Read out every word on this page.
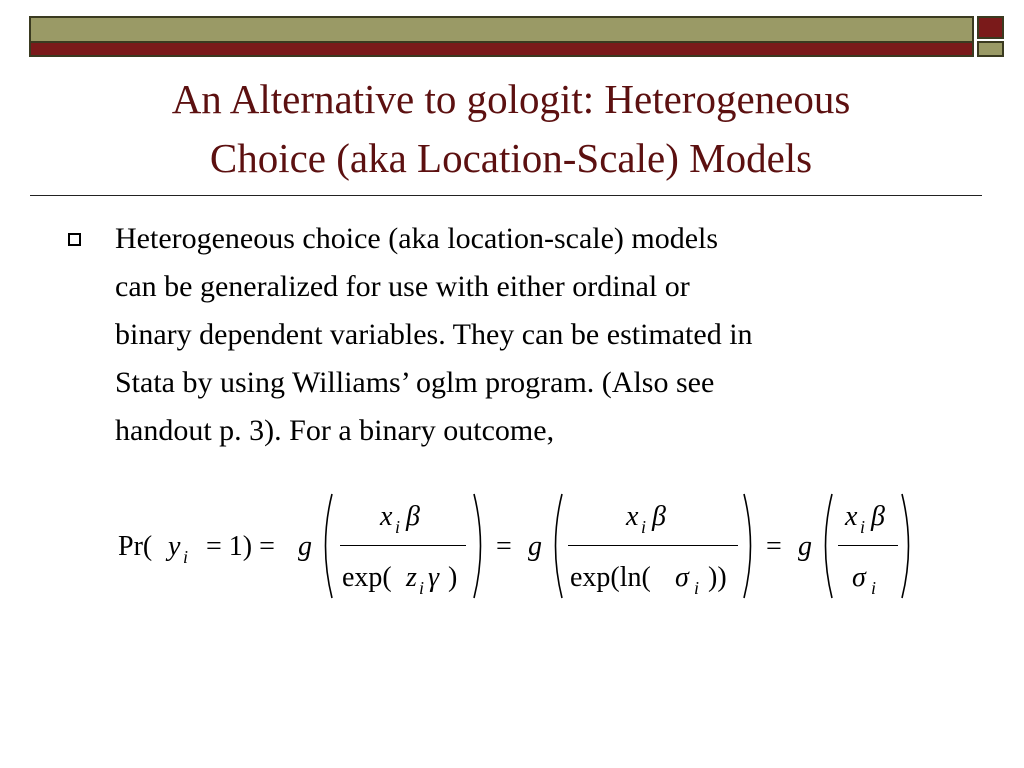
An Alternative to gologit: Heterogeneous
Choice (aka Location-Scale) Models
Heterogeneous choice (aka location-scale) models
can be generalized for use with either ordinal or
binary dependent variables. They can be estimated in
Stata by using Williams’ oglm program. (Also see
handout p. 3). For a binary outcome,
Pr( y i = 1) = g
x i β
exp( z i γ )
= g
x i β
exp(ln( σ i ))
= g
x i β
σ i
